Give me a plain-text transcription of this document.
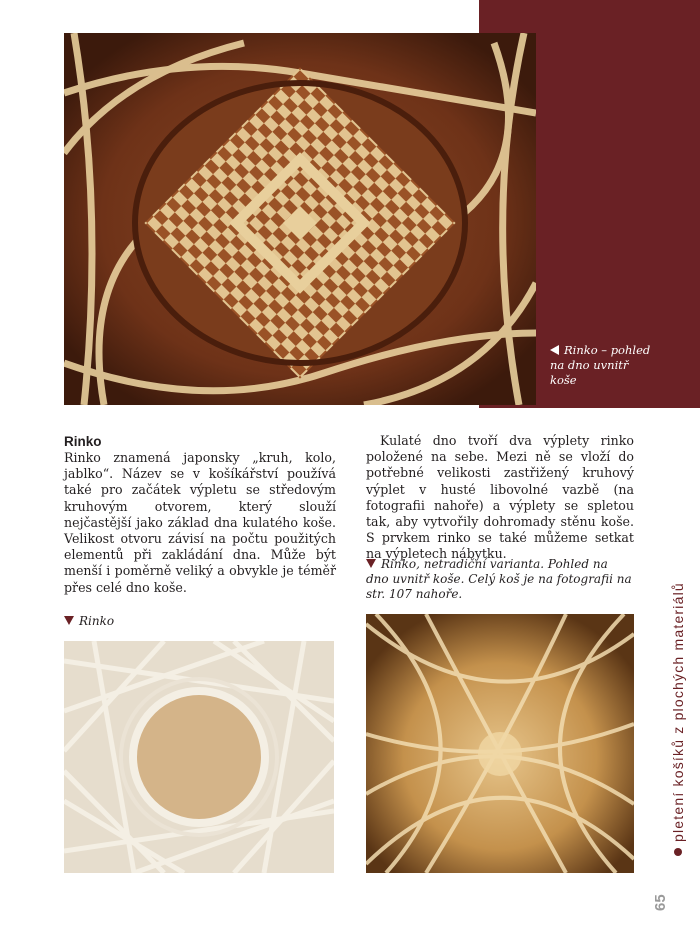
Rinko – pohled na dno uvnitř koše

Rinko

Rinko znamená japonsky „kruh, kolo, jablko“. Název se v košíkářství používá také pro začátek výpletu se středovým kruhovým otvorem, který slouží nejčastější jako základ dna kulatého koše. Velikost otvoru závisí na počtu použitých elementů při zakládání dna. Může být menší i poměrně veliký a obvykle je téměř přes celé dno koše.

Kulaté dno tvoří dva výplety rinko položené na sebe. Mezi ně se vloží do potřebné velikosti zastřižený kruhový výplet v husté libovolné vazbě (na fotografii nahoře) a výplety se spletou tak, aby vytvořily dohromady stěnu koše. S prvkem rinko se také můžeme setkat na výpletech nábytku.

Rinko
Rinko, netradiční varianta. Pohled na dno uvnitř koše. Celý koš je na fotografii na str. 107 nahoře.	pletení košíků z plochých materiálů
65
